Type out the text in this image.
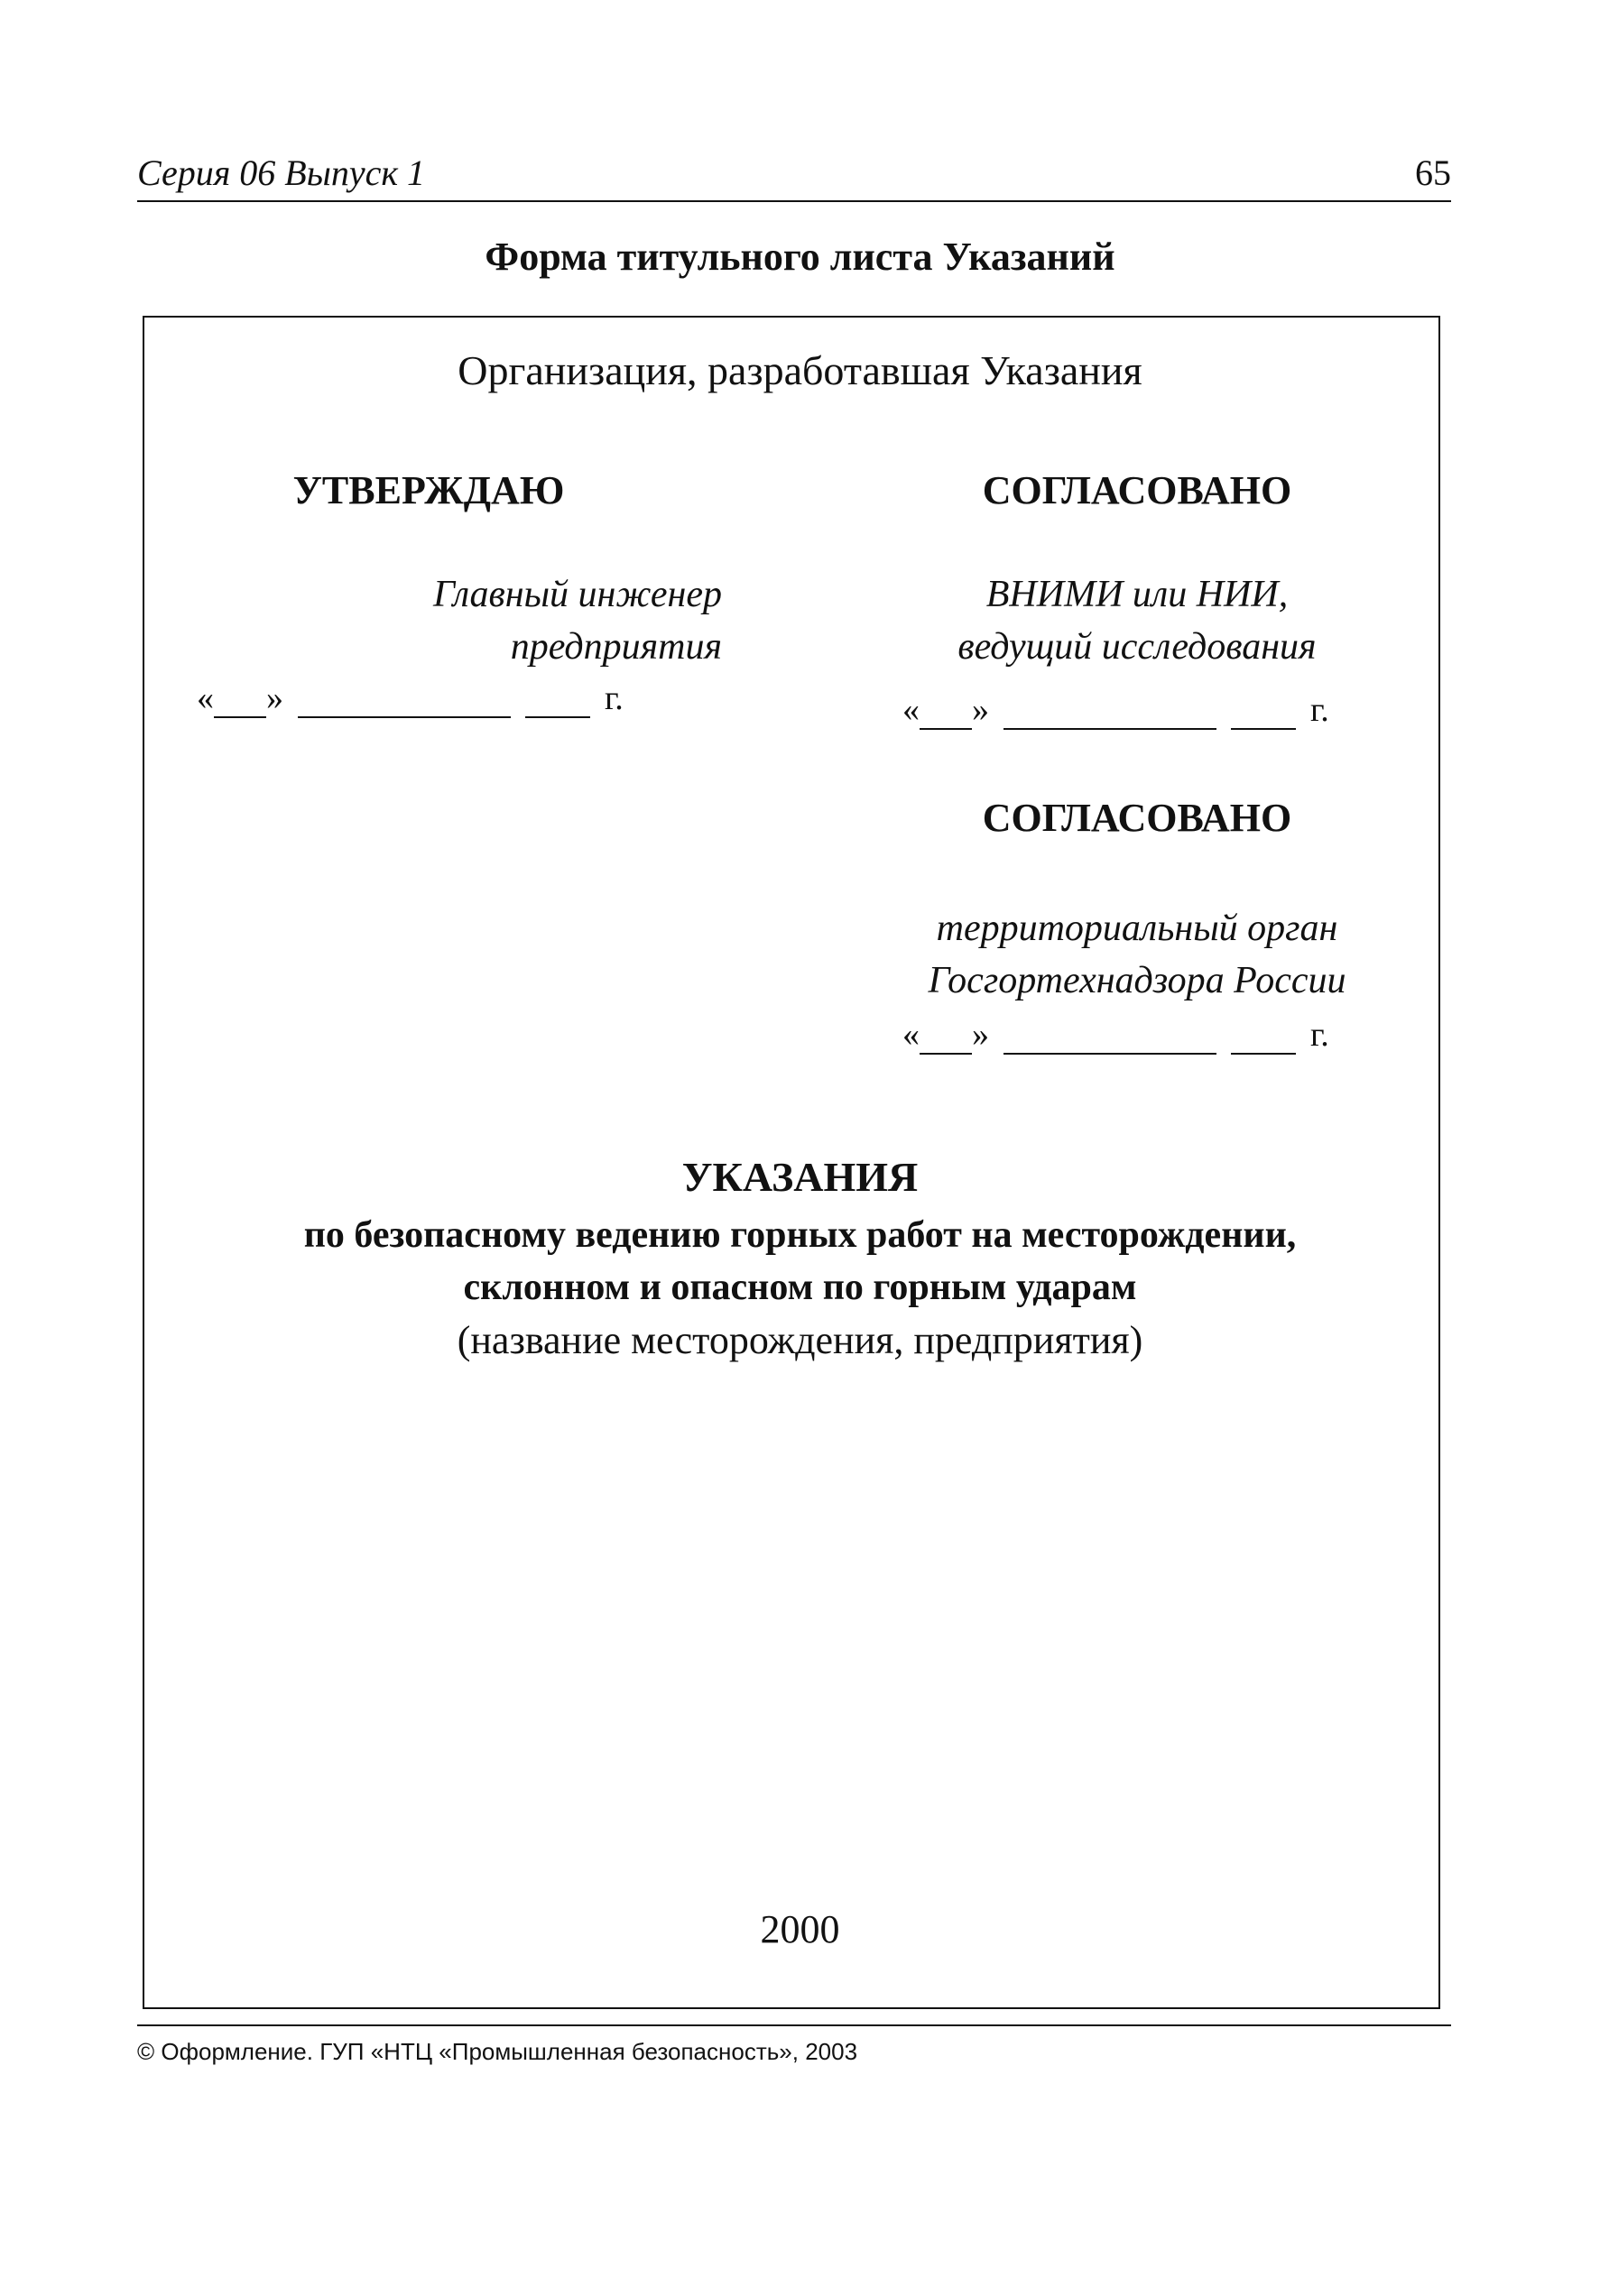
Серия 06 Выпуск 1	65
Форма титульного листа Указаний
Организация, разработавшая Указания
УТВЕРЖДАЮ
Главный инженер
предприятия
« »	г.
СОГЛАСОВАНО
ВНИМИ или НИИ,
ведущий исследования
« »	г.
СОГЛАСОВАНО
территориальный орган
Госгортехнадзора России
« »	г.
УКАЗАНИЯ
по безопасному ведению горных работ на месторождении,
склонном и опасном по горным ударам
(название месторождения, предприятия)
2000
© Оформление. ГУП «НТЦ «Промышленная безопасность», 2003
